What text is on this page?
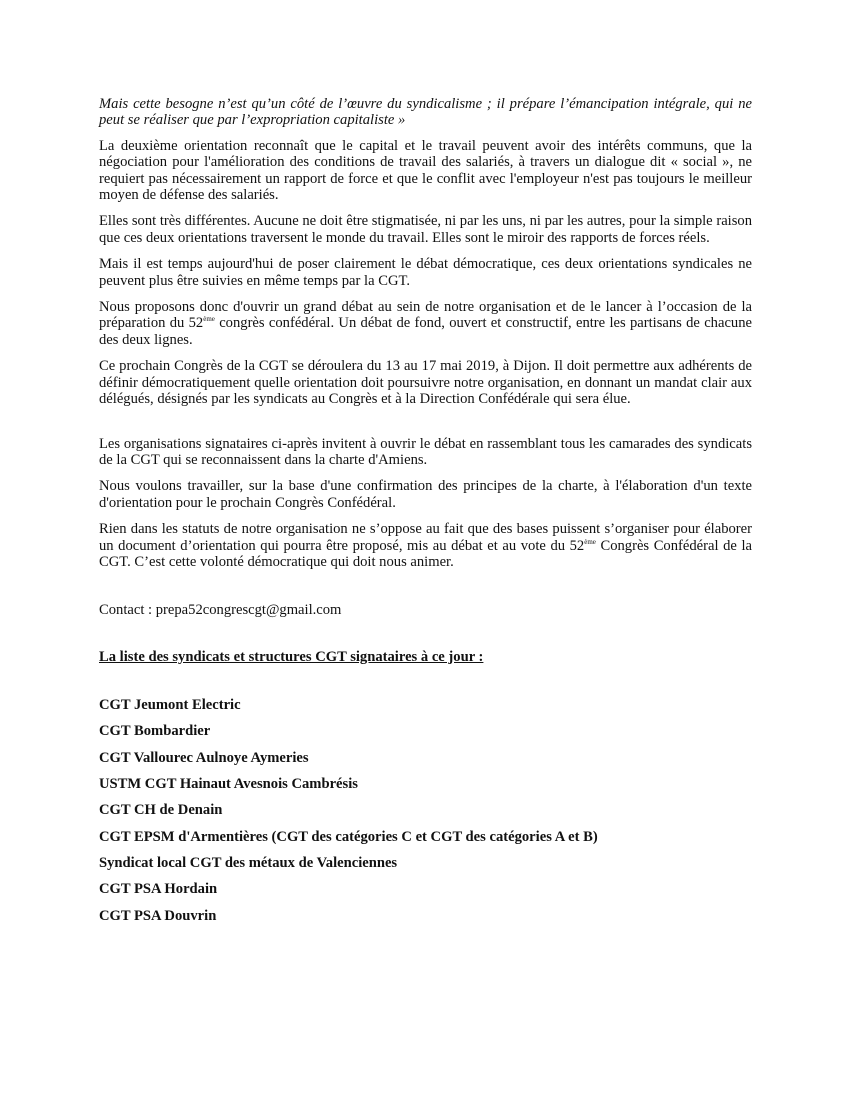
Mais cette besogne n’est qu’un côté de l’œuvre du syndicalisme ; il prépare l’émancipation intégrale, qui ne peut se réaliser que par l’expropriation capitaliste »

La deuxième orientation reconnaît que le capital et le travail peuvent avoir des intérêts communs, que la négociation pour l'amélioration des conditions de travail des salariés, à travers un dialogue dit « social », ne requiert pas nécessairement un rapport de force et que le conflit avec l'employeur n'est pas toujours le meilleur moyen de défense des salariés.

Elles sont très différentes. Aucune ne doit être stigmatisée, ni par les uns, ni par les autres, pour la simple raison que ces deux orientations traversent le monde du travail. Elles sont le miroir des rapports de forces réels.

Mais il est temps aujourd'hui de poser clairement le débat démocratique, ces deux orientations syndicales ne peuvent plus être suivies en même temps par la CGT.

Nous proposons donc d'ouvrir un grand débat au sein de notre organisation et de le lancer à l’occasion de la préparation du 52ème congrès confédéral. Un débat de fond, ouvert et constructif, entre les partisans de chacune des deux lignes.

Ce prochain Congrès de la CGT se déroulera du 13 au 17 mai 2019, à Dijon. Il doit permettre aux adhérents de définir démocratiquement quelle orientation doit poursuivre notre organisation, en donnant un mandat clair aux délégués, désignés par les syndicats au Congrès et à la Direction Confédérale qui sera élue.

Les organisations signataires ci-après invitent à ouvrir le débat en rassemblant tous les camarades des syndicats de la CGT qui se reconnaissent dans la charte d'Amiens.

Nous voulons travailler, sur la base d'une confirmation des principes de la charte, à l'élaboration d'un texte d'orientation pour le prochain Congrès Confédéral.

Rien dans les statuts de notre organisation ne s’oppose au fait que des bases puissent s’organiser pour élaborer un document d’orientation qui pourra être proposé, mis au débat et au vote du 52ème Congrès Confédéral de la CGT. C’est cette volonté démocratique qui doit nous animer.

Contact : prepa52congrescgt@gmail.com

La liste des syndicats et structures CGT signataires à ce jour :

CGT Jeumont Electric
CGT Bombardier
CGT Vallourec Aulnoye Aymeries
USTM CGT Hainaut Avesnois Cambrésis
CGT CH de Denain
CGT EPSM d'Armentières (CGT des catégories C et CGT des catégories A et B)
Syndicat local CGT des métaux de Valenciennes
CGT PSA Hordain
CGT PSA Douvrin
